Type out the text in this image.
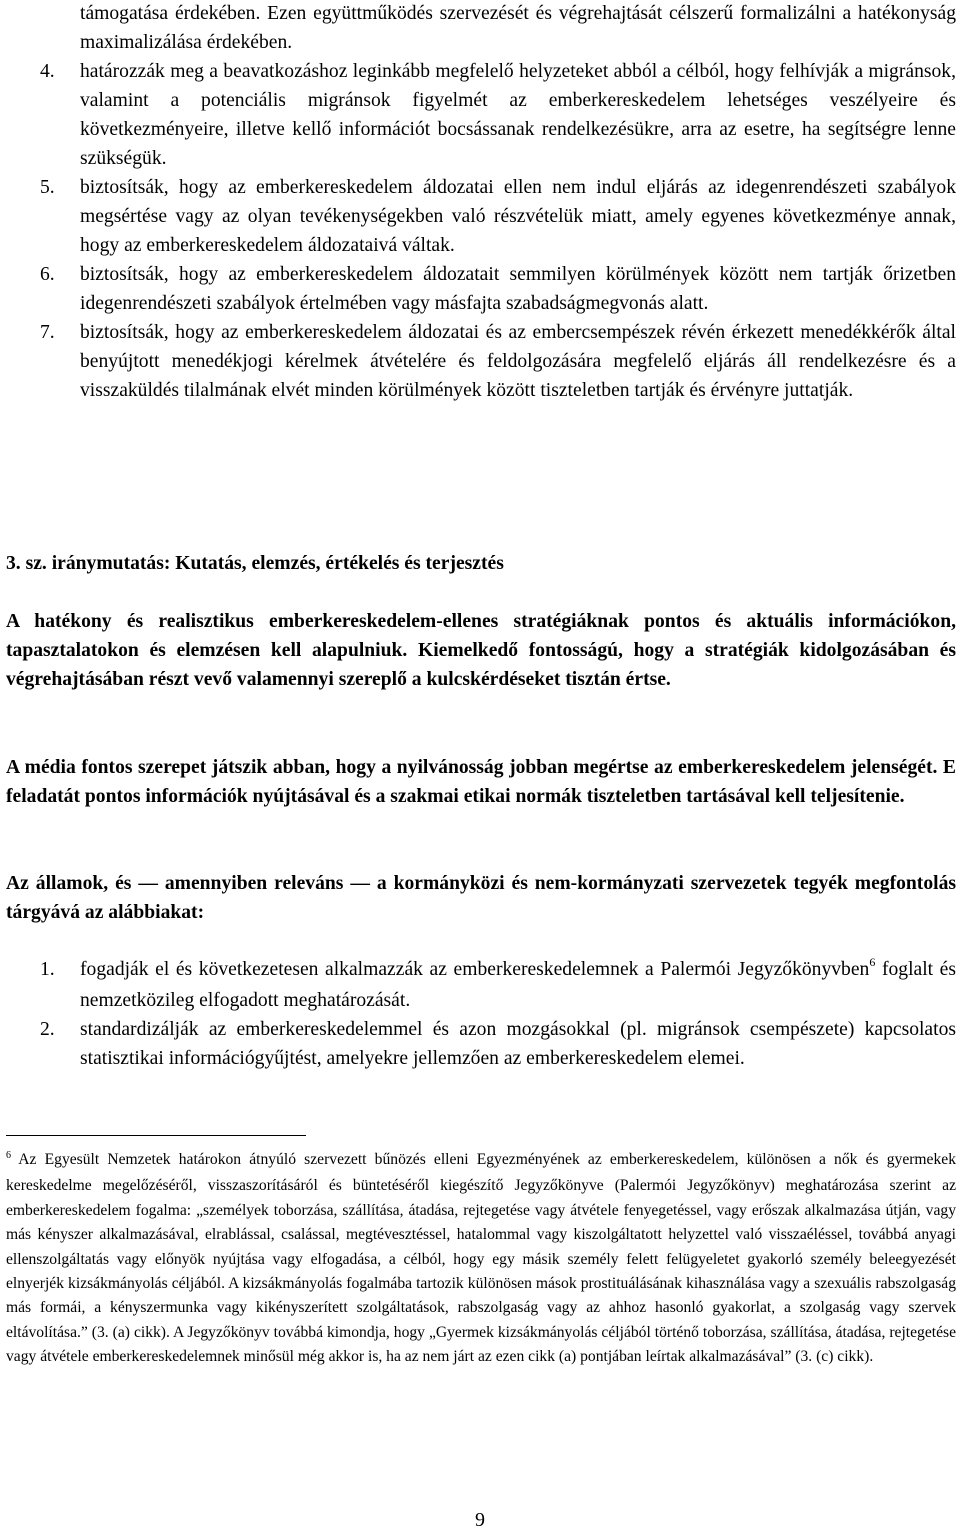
támogatása érdekében. Ezen együttműködés szervezését és végrehajtását célszerű formalizálni a hatékonyság maximalizálása érdekében.

4. határozzák meg a beavatkozáshoz leginkább megfelelő helyzeteket abból a célból, hogy felhívják a migránsok, valamint a potenciális migránsok figyelmét az emberkereskedelem lehetséges veszélyeire és következményeire, illetve kellő információt bocsássanak rendelkezésükre, arra az esetre, ha segítségre lenne szükségük.

5. biztosítsák, hogy az emberkereskedelem áldozatai ellen nem indul eljárás az idegenrendészeti szabályok megsértése vagy az olyan tevékenységekben való részvételük miatt, amely egyenes következménye annak, hogy az emberkereskedelem áldozataivá váltak.

6. biztosítsák, hogy az emberkereskedelem áldozatait semmilyen körülmények között nem tartják őrizetben idegenrendészeti szabályok értelmében vagy másfajta szabadságmegvonás alatt.

7. biztosítsák, hogy az emberkereskedelem áldozatai és az embercsempészek révén érkezett menedékkérők által benyújtott menedékjogi kérelmek átvételére és feldolgozására megfelelő eljárás áll rendelkezésre és a visszaküldés tilalmának elvét minden körülmények között tiszteletben tartják és érvényre juttatják.

3. sz. iránymutatás: Kutatás, elemzés, értékelés és terjesztés

A hatékony és realisztikus emberkereskedelem-ellenes stratégiáknak pontos és aktuális információkon, tapasztalatokon és elemzésen kell alapulniuk. Kiemelkedő fontosságú, hogy a stratégiák kidolgozásában és végrehajtásában részt vevő valamennyi szereplő a kulcskérdéseket tisztán értse.

A média fontos szerepet játszik abban, hogy a nyilvánosság jobban megértse az emberkereskedelem jelenségét. E feladatát pontos információk nyújtásával és a szakmai etikai normák tiszteletben tartásával kell teljesítenie.

Az államok, és — amennyiben releváns — a kormányközi és nem-kormányzati szervezetek tegyék megfontolás tárgyává az alábbiakat:

1. fogadják el és következetesen alkalmazzák az emberkereskedelemnek a Palermói Jegyzőkönyvben$^6$ foglalt és nemzetközileg elfogadott meghatározását.

2. standardizálják az emberkereskedelemmel és azon mozgásokkal (pl. migránsok csempészete) kapcsolatos statisztikai információgyűjtést, amelyekre jellemzően az emberkereskedelem elemei.

$^6$ Az Egyesült Nemzetek határokon átnyúló szervezett bűnözés elleni Egyezményének az emberkereskedelem, különösen a nők és gyermekek kereskedelme megelőzéséről, visszaszorításáról és büntetéséről kiegészítő Jegyzőkönyve (Palermói Jegyzőkönyv) meghatározása szerint az emberkereskedelem fogalma: „személyek toborzása, szállítása, átadása, rejtegetése vagy átvétele fenyegetéssel, vagy erőszak alkalmazása útján, vagy más kényszer alkalmazásával, elrablással, csalással, megtévesztéssel, hatalommal vagy kiszolgáltatott helyzettel való visszaéléssel, továbbá anyagi ellenszolgáltatás vagy előnyök nyújtása vagy elfogadása, a célból, hogy egy másik személy felett felügyeletet gyakorló személy beleegyezését elnyerjék kizsákmányolás céljából. A kizsákmányolás fogalmába tartozik különösen mások prostituálásának kihasználása vagy a szexuális rabszolgaság más formái, a kényszermunka vagy kikényszerített szolgáltatások, rabszolgaság vagy az ahhoz hasonló gyakorlat, a szolgaság vagy szervek eltávolítása.” (3. (a) cikk). A Jegyzőkönyv továbbá kimondja, hogy „Gyermek kizsákmányolás céljából történő toborzása, szállítása, átadása, rejtegetése vagy átvétele emberkereskedelemnek minősül még akkor is, ha az nem járt az ezen cikk (a) pontjában leírtak alkalmazásával” (3. (c) cikk).

9
